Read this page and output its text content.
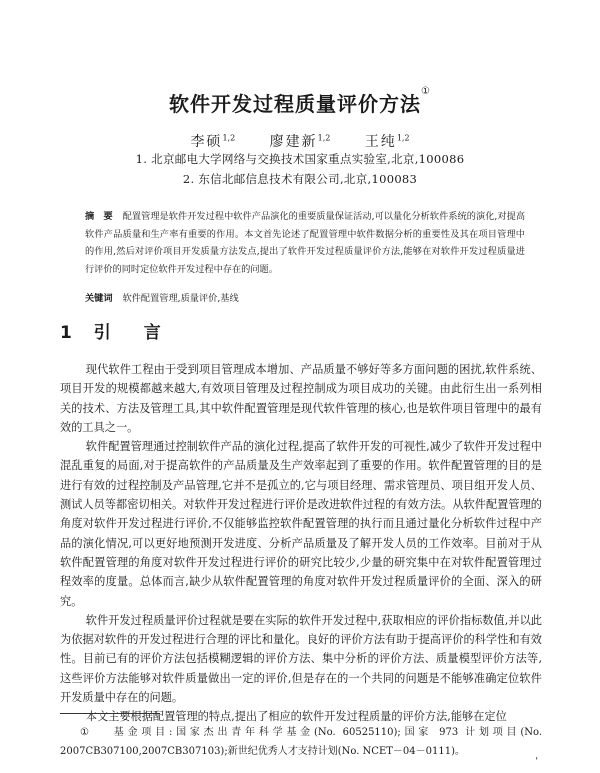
软件开发过程质量评价方法①
李硕$^{1,2}$ 廖建新$^{1,2}$ 王纯$^{1,2}$
1. 北京邮电大学网络与交换技术国家重点实验室,北京,100086
2. 东信北邮信息技术有限公司,北京,100083
摘　要 配置管理是软件开发过程中软件产品演化的重要质量保证活动,可以量化分析软件系统的演化,对提高软件产品质量和生产率有重要的作用。本文首先论述了配置管理中软件数据分析的重要性及其在项目管理中的作用,然后对评价项目开发质量方法发点,提出了软件开发过程质量评价方法,能够在对软件开发过程质量进行评价的同时定位软件开发过程中存在的问题。
关键词 软件配置管理,质量评价,基线
1 引　言

现代软件工程由于受到项目管理成本增加、产品质量不够好等多方面问题的困扰,软件系统、项目开发的规模都越来越大,有效项目管理及过程控制成为项目成功的关键。由此衍生出一系列相关的技术、方法及管理工具,其中软件配置管理是现代软件管理的核心,也是软件项目管理中的最有效的工具之一。

软件配置管理通过控制软件产品的演化过程,提高了软件开发的可视性,减少了软件开发过程中混乱重复的局面,对于提高软件的产品质量及生产效率起到了重要的作用。软件配置管理的目的是进行有效的过程控制及产品管理,它并不是孤立的,它与项目经理、需求管理员、项目组开发人员、测试人员等都密切相关。对软件开发过程进行评价是改进软件过程的有效方法。从软件配置管理的角度对软件开发过程进行评价,不仅能够监控软件配置管理的执行而且通过量化分析软件过程中产品的演化情况,可以更好地预测开发进度、分析产品质量及了解开发人员的工作效率。目前对于从软件配置管理的角度对软件开发过程进行评价的研究比较少,少量的研究集中在对软件配置管理过程效率的度量。总体而言,缺少从软件配置管理的角度对软件开发过程质量评价的全面、深入的研究。

软件开发过程质量评价过程就是要在实际的软件开发过程中,获取相应的评价指标数值,并以此为依据对软件的开发过程进行合理的评比和量化。良好的评价方法有助于提高评价的科学性和有效性。目前已有的评价方法包括模糊逻辑的评价方法、集中分析的评价方法、质量模型评价方法等,这些评价方法能够对软件质量做出一定的评价,但是存在的一个共同的问题是不能够准确定位软件开发质量中存在的问题。

本文主要根据配置管理的特点,提出了相应的软件开发过程质量的评价方法,能够在定位

① 基金项目:国家杰出青年科学基金(No. 60525110);国家 973 计划项目(No. 2007CB307100,2007CB307103);新世纪优秀人才支持计划(No. NCET－04－0111)。
'
